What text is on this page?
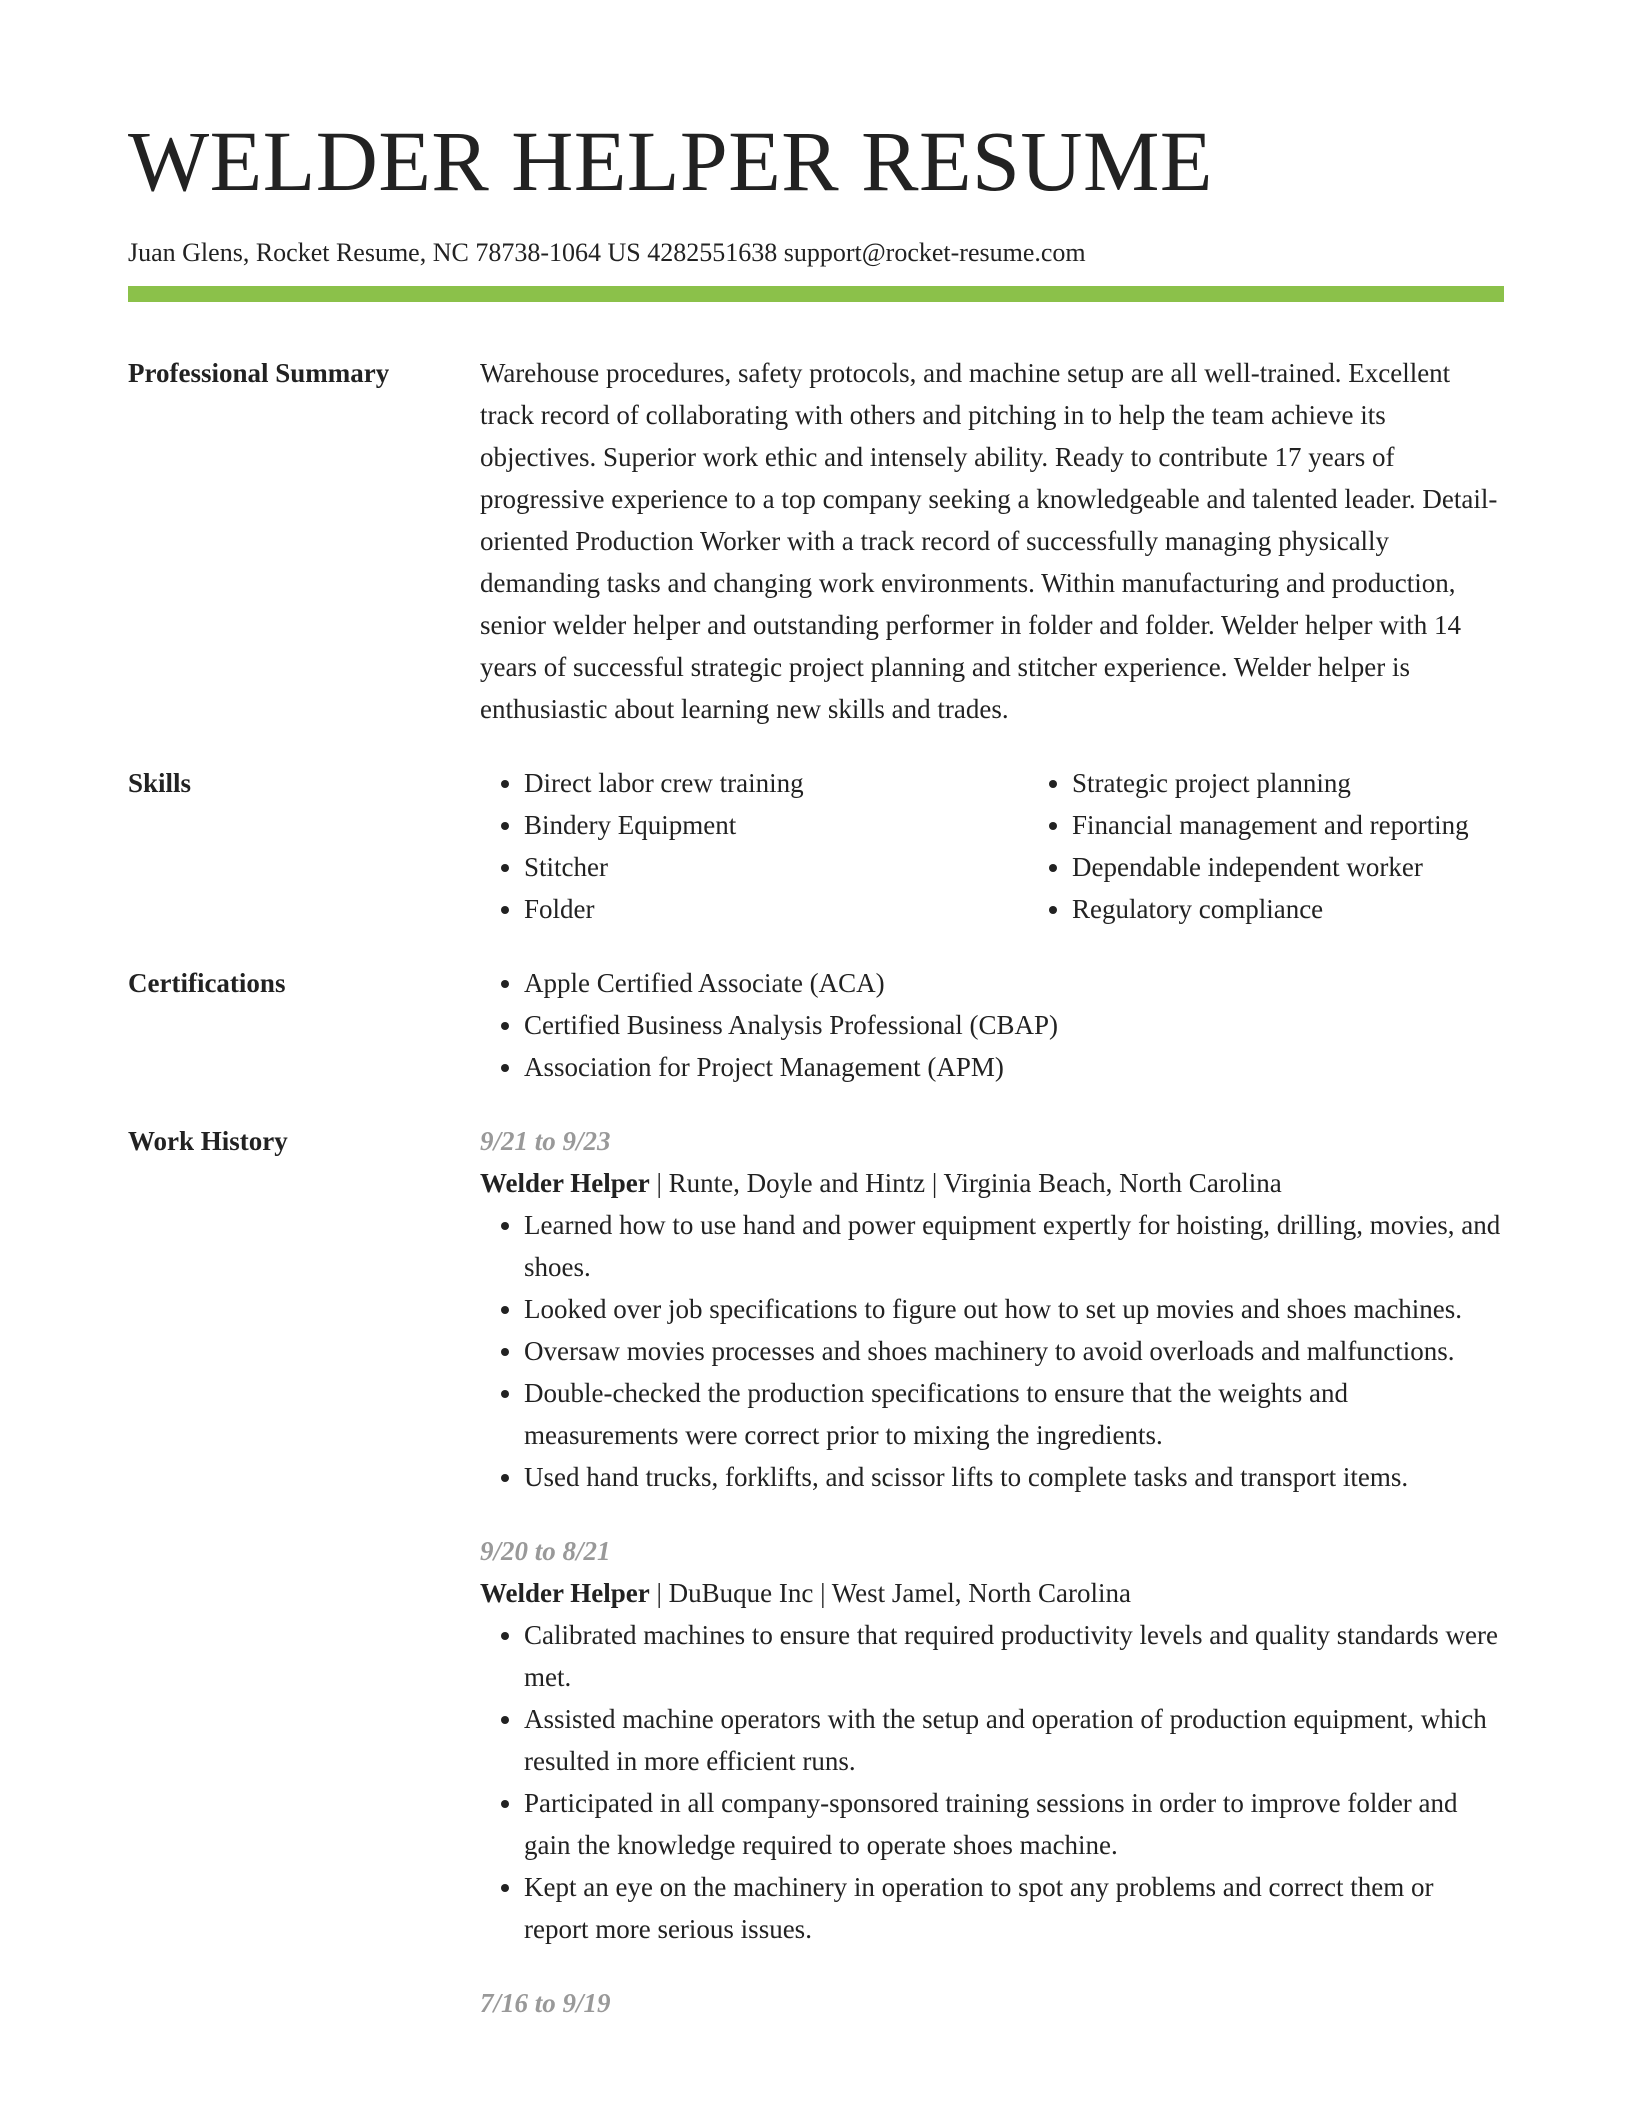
WELDER HELPER RESUME
Juan Glens, Rocket Resume, NC 78738-1064 US 4282551638 support@rocket-resume.com
Professional Summary	Warehouse procedures, safety protocols, and machine setup are all well-trained. Excellent track record of collaborating with others and pitching in to help the team achieve its objectives. Superior work ethic and intensely ability. Ready to contribute 17 years of progressive experience to a top company seeking a knowledgeable and talented leader. Detail-oriented Production Worker with a track record of successfully managing physically demanding tasks and changing work environments. Within manufacturing and production, senior welder helper and outstanding performer in folder and folder. Welder helper with 14 years of successful strategic project planning and stitcher experience. Welder helper is enthusiastic about learning new skills and trades.

Skills	• Direct labor crew training
• Bindery Equipment
• Stitcher
• Folder
• Strategic project planning
• Financial management and reporting
• Dependable independent worker
• Regulatory compliance
Certifications	• Apple Certified Associate (ACA)
• Certified Business Analysis Professional (CBAP)
• Association for Project Management (APM)
Work History	9/21 to 9/23

Welder Helper | Runte, Doyle and Hintz | Virginia Beach, North Carolina

• Learned how to use hand and power equipment expertly for hoisting, drilling, movies, and shoes.
• Looked over job specifications to figure out how to set up movies and shoes machines.
• Oversaw movies processes and shoes machinery to avoid overloads and malfunctions.
• Double-checked the production specifications to ensure that the weights and measurements were correct prior to mixing the ingredients.
• Used hand trucks, forklifts, and scissor lifts to complete tasks and transport items.
9/20 to 8/21

Welder Helper | DuBuque Inc | West Jamel, North Carolina

• Calibrated machines to ensure that required productivity levels and quality standards were met.
• Assisted machine operators with the setup and operation of production equipment, which resulted in more efficient runs.
• Participated in all company-sponsored training sessions in order to improve folder and gain the knowledge required to operate shoes machine.
• Kept an eye on the machinery in operation to spot any problems and correct them or report more serious issues.
7/16 to 9/19
